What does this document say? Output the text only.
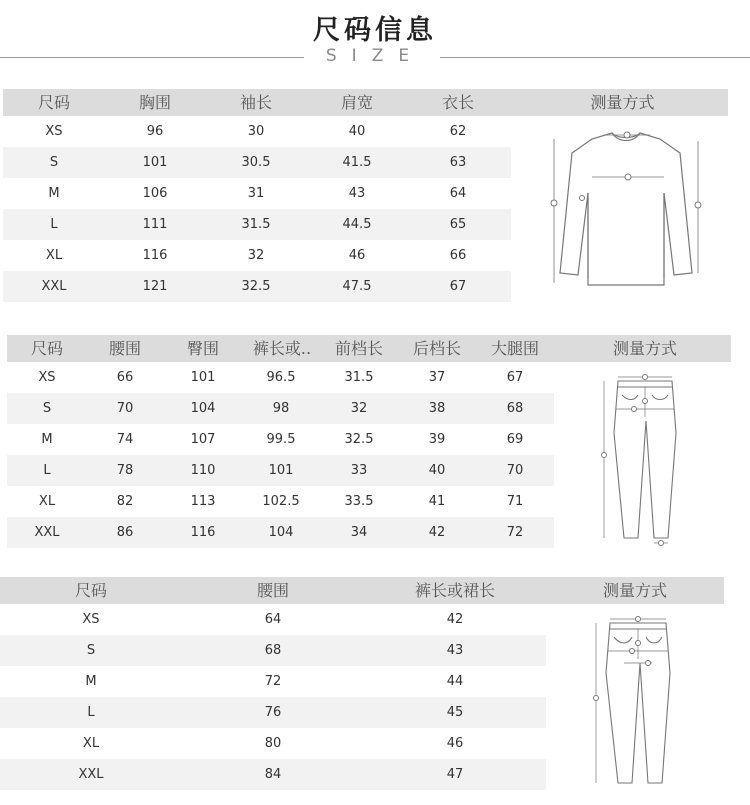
尺码信息
SIZE
尺码	胸围	袖长	肩宽	衣长	测量方式
XS	96	30	40	62
S	101	30.5	41.5	63
M	106	31	43	64
L	111	31.5	44.5	65
XL	116	32	46	66
XXL	121	32.5	47.5	67
尺码	腰围	臀围	裤长或..	前档长	后档长	大腿围	测量方式
XS	66	101	96.5	31.5	37	67
S	70	104	98	32	38	68
M	74	107	99.5	32.5	39	69
L	78	110	101	33	40	70
XL	82	113	102.5	33.5	41	71
XXL	86	116	104	34	42	72
尺码	腰围	裤长或裙长	测量方式
XS	64	42
S	68	43
M	72	44
L	76	45
XL	80	46
XXL	84	47
